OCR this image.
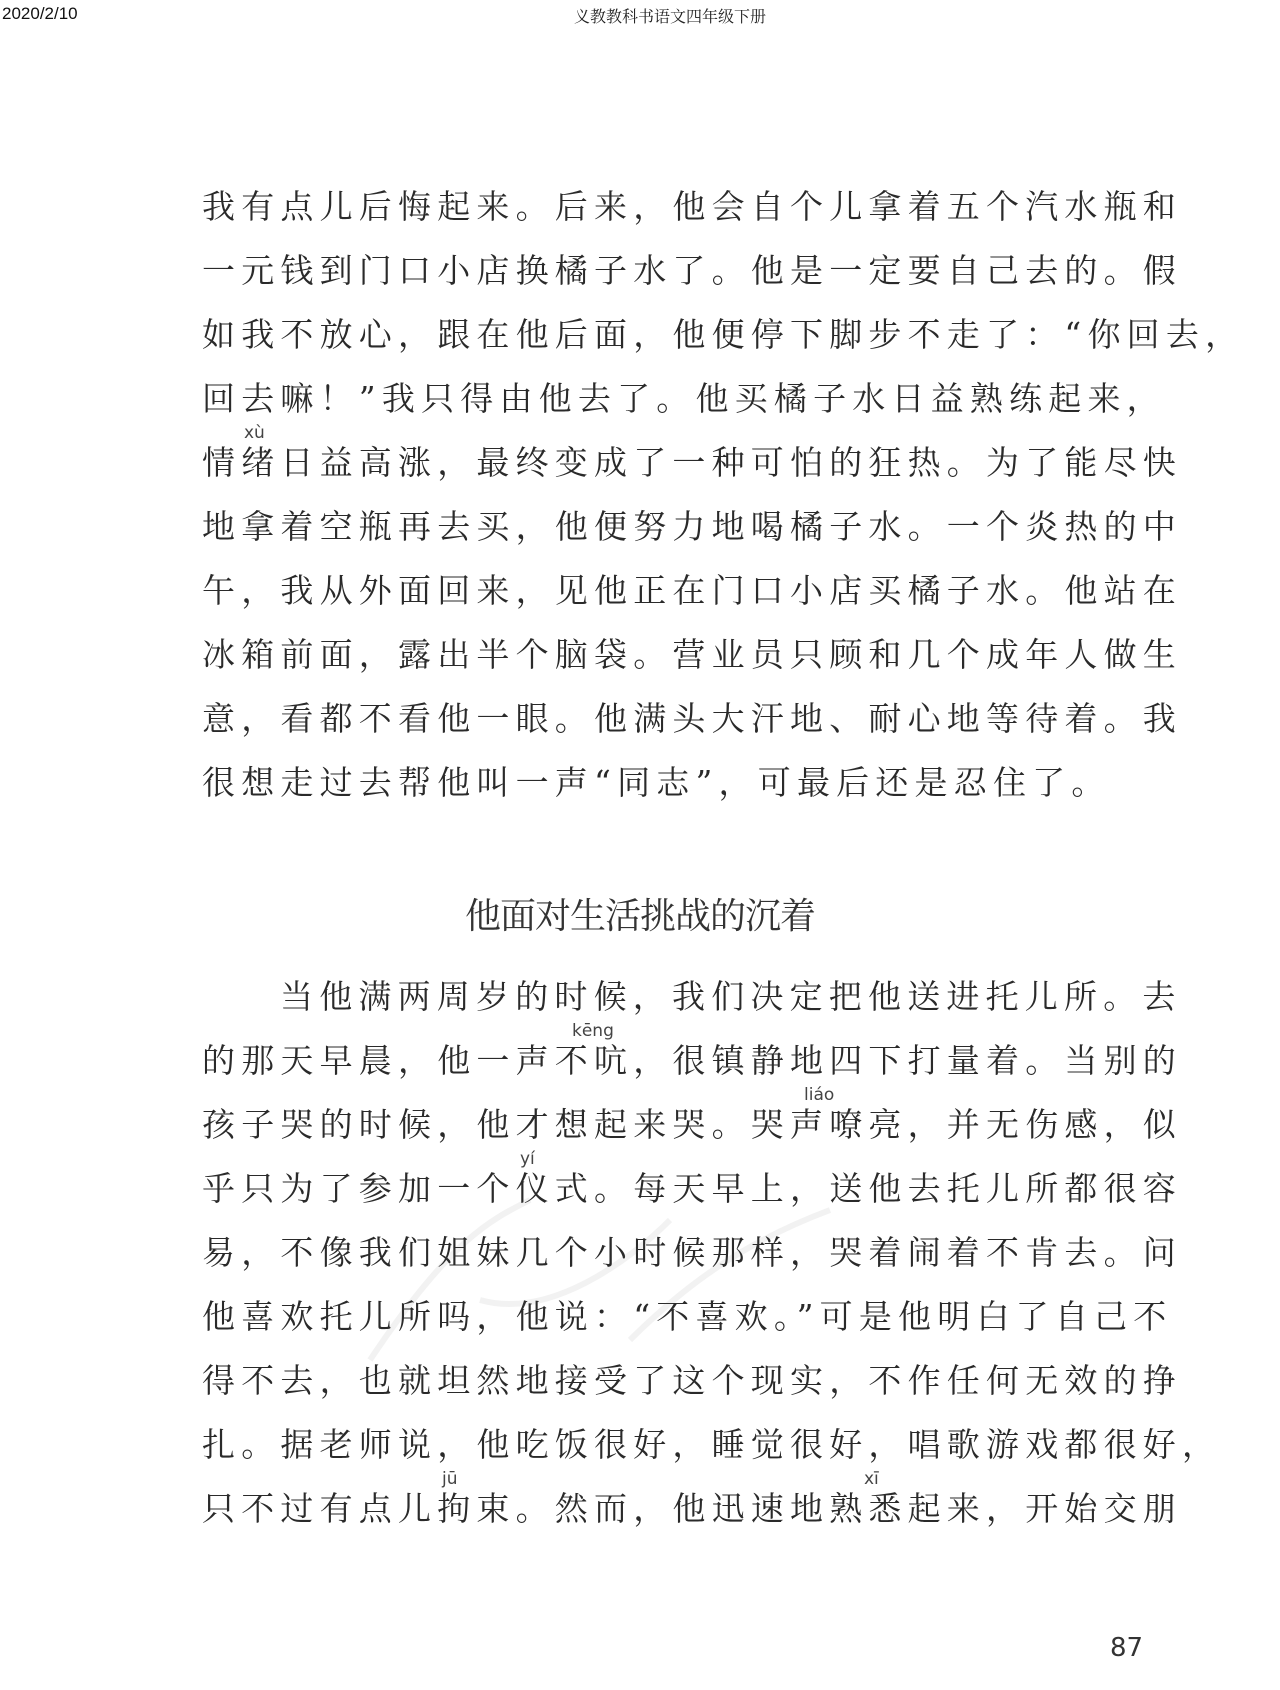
2020/2/10	义教教科书语文四年级下册
我有点儿后悔起来。后来，他会自个儿拿着五个汽水瓶和
一元钱到门口小店换橘子水了。他是一定要自己去的。假
如我不放心，跟在他后面，他便停下脚步不走了：“你回去，
回去嘛！”我只得由他去了。他买橘子水日益熟练起来，
xù
情绪日益高涨，最终变成了一种可怕的狂热。为了能尽快
地拿着空瓶再去买，他便努力地喝橘子水。一个炎热的中
午，我从外面回来，见他正在门口小店买橘子水。他站在
冰箱前面，露出半个脑袋。营业员只顾和几个成年人做生
意，看都不看他一眼。他满头大汗地、耐心地等待着。我
很想走过去帮他叫一声“同志”，可最后还是忍住了。
他面对生活挑战的沉着
当他满两周岁的时候，我们决定把他送进托儿所。去
kēng
的那天早晨，他一声不吭，很镇静地四下打量着。当别的
liáo
孩子哭的时候，他才想起来哭。哭声嘹亮，并无伤感，似
yí
乎只为了参加一个仪式。每天早上，送他去托儿所都很容
易，不像我们姐妹几个小时候那样，哭着闹着不肯去。问
他喜欢托儿所吗，他说：“不喜欢。”可是他明白了自己不
得不去，也就坦然地接受了这个现实，不作任何无效的挣
扎。据老师说，他吃饭很好，睡觉很好，唱歌游戏都很好，
jū	xī
只不过有点儿拘束。然而，他迅速地熟悉起来，开始交朋
87
